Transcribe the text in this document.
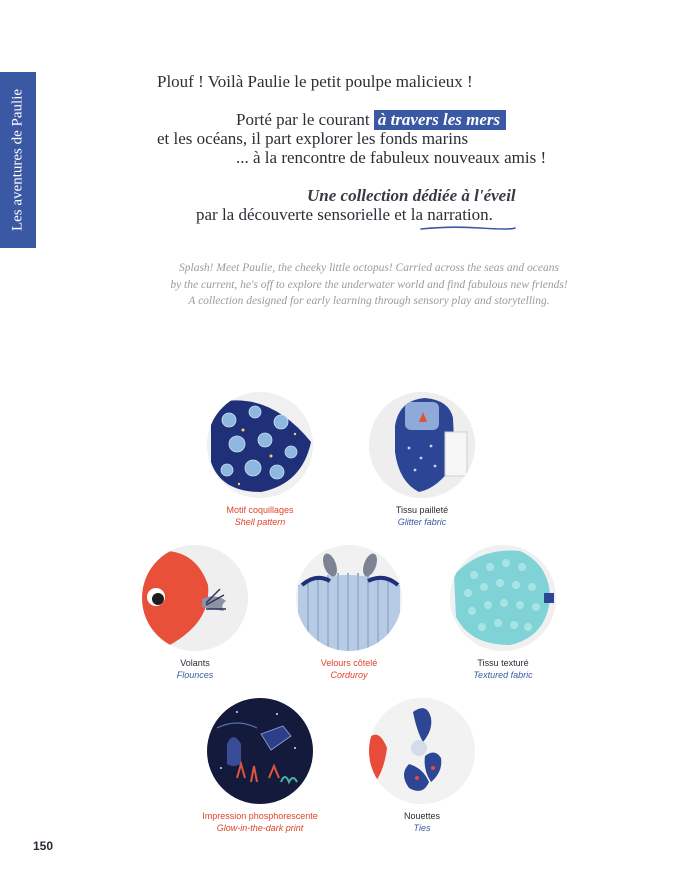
Les aventures de Paulie
Plouf ! Voilà Paulie le petit poulpe malicieux !
Porté par le courant à travers les mers
et les océans, il part explorer les fonds marins
... à la rencontre de fabuleux nouveaux amis !
Une collection dédiée à l'éveil
par la découverte sensorielle et la narration.
Splash! Meet Paulie, the cheeky little octopus! Carried across the seas and oceans
by the current, he's off to explore the underwater world and find fabulous new friends!
A collection designed for early learning through sensory play and storytelling.
Motif coquillages
Shell pattern
Tissu pailleté
Glitter fabric
Volants
Flounces
Velours côtelé
Corduroy
Tissu texturé
Textured fabric
Impression phosphorescente
Glow-in-the-dark print
Nouettes
Ties
150
